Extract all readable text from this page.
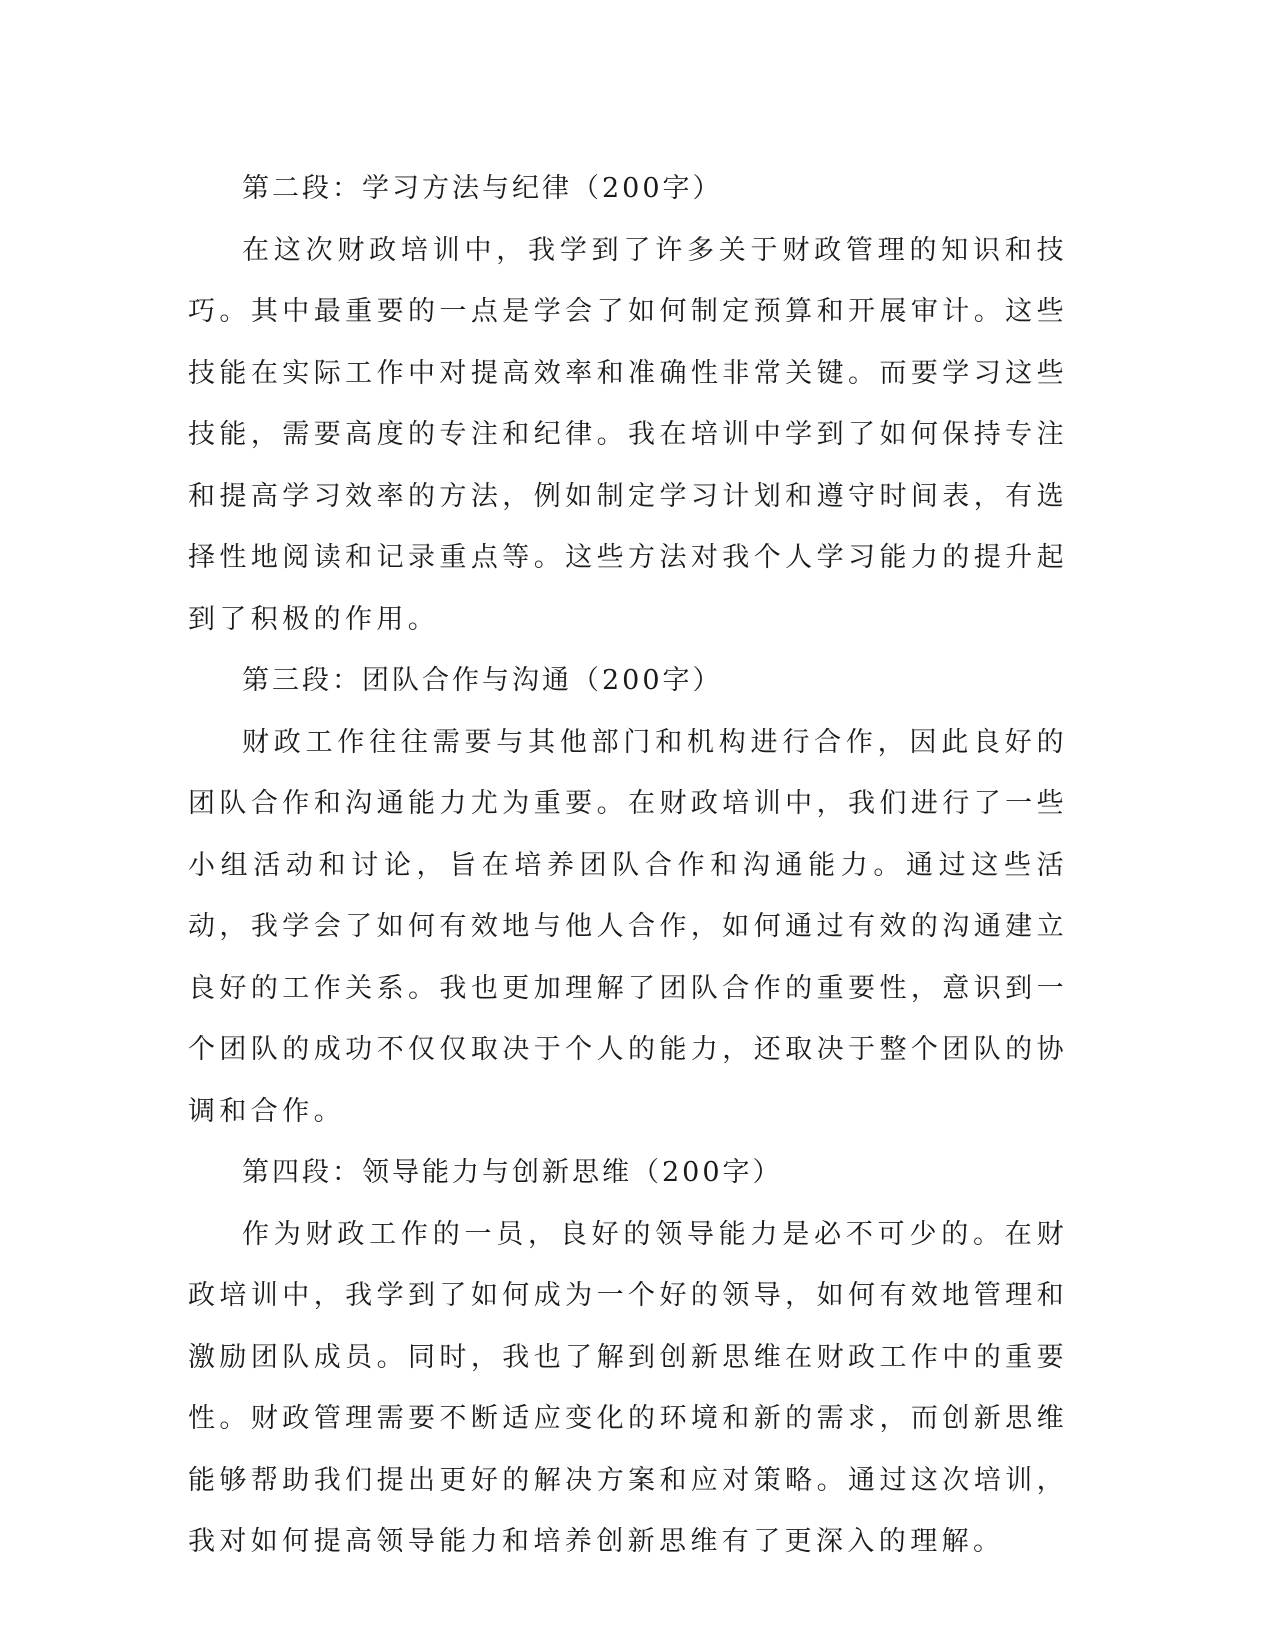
第二段：学习方法与纪律（200字）

在这次财政培训中，我学到了许多关于财政管理的知识和技巧。其中最重要的一点是学会了如何制定预算和开展审计。这些技能在实际工作中对提高效率和准确性非常关键。而要学习这些技能，需要高度的专注和纪律。我在培训中学到了如何保持专注和提高学习效率的方法，例如制定学习计划和遵守时间表，有选择性地阅读和记录重点等。这些方法对我个人学习能力的提升起到了积极的作用。

第三段：团队合作与沟通（200字）

财政工作往往需要与其他部门和机构进行合作，因此良好的团队合作和沟通能力尤为重要。在财政培训中，我们进行了一些小组活动和讨论，旨在培养团队合作和沟通能力。通过这些活动，我学会了如何有效地与他人合作，如何通过有效的沟通建立良好的工作关系。我也更加理解了团队合作的重要性，意识到一个团队的成功不仅仅取决于个人的能力，还取决于整个团队的协调和合作。

第四段：领导能力与创新思维（200字）

作为财政工作的一员，良好的领导能力是必不可少的。在财政培训中，我学到了如何成为一个好的领导，如何有效地管理和激励团队成员。同时，我也了解到创新思维在财政工作中的重要性。财政管理需要不断适应变化的环境和新的需求，而创新思维能够帮助我们提出更好的解决方案和应对策略。通过这次培训，我对如何提高领导能力和培养创新思维有了更深入的理解。
